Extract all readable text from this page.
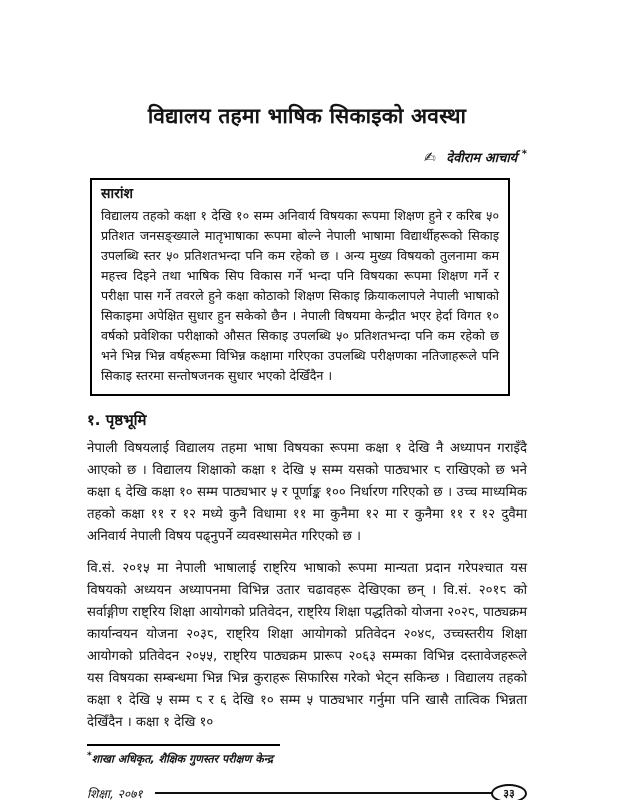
विद्यालय तहमा भाषिक सिकाइको अवस्था
✍ देवीराम आचार्य *
सारांश

विद्यालय तहको कक्षा १ देखि १० सम्म अनिवार्य विषयका रूपमा शिक्षण हुने र करिब ५० प्रतिशत जनसङ्ख्याले मातृभाषाका रूपमा बोल्ने नेपाली भाषामा विद्यार्थीहरूको सिकाइ उपलब्धि स्तर ५० प्रतिशतभन्दा पनि कम रहेको छ । अन्य मुख्य विषयको तुलनामा कम महत्त्व दिइने तथा भाषिक सिप विकास गर्ने भन्दा पनि विषयका रूपमा शिक्षण गर्ने र परीक्षा पास गर्ने तवरले हुने कक्षा कोठाको शिक्षण सिकाइ क्रियाकलापले नेपाली भाषाको सिकाइमा अपेक्षित सुधार हुन सकेको छैन । नेपाली विषयमा केन्द्रीत भएर हेर्दा विगत १० वर्षको प्रवेशिका परीक्षाको औसत सिकाइ उपलब्धि ५० प्रतिशतभन्दा पनि कम रहेको छ भने भिन्न भिन्न वर्षहरूमा विभिन्न कक्षामा गरिएका उपलब्धि परीक्षणका नतिजाहरूले पनि सिकाइ स्तरमा सन्तोषजनक सुधार भएको देखिँदैन ।

१. पृष्ठभूमि

नेपाली विषयलाई विद्यालय तहमा भाषा विषयका रूपमा कक्षा १ देखि नै अध्यापन गराइँदै आएको छ । विद्यालय शिक्षाको कक्षा १ देखि ५ सम्म यसको पाठ्यभार ८ राखिएको छ भने कक्षा ६ देखि कक्षा १० सम्म पाठ्यभार ५ र पूर्णाङ्क १०० निर्धारण गरिएको छ । उच्च माध्यमिक तहको कक्षा ११ र १२ मध्ये कुनै विधामा ११ मा कुनैमा १२ मा र कुनैमा ११ र १२ दुवैमा अनिवार्य नेपाली विषय पढ्नुपर्ने व्यवस्थासमेत गरिएको छ ।

वि.सं. २०१५ मा नेपाली भाषालाई राष्ट्रिय भाषाको रूपमा मान्यता प्रदान गरेपश्चात यस विषयको अध्ययन अध्यापनमा विभिन्न उतार चढावहरू देखिएका छन् । वि.सं. २०१८ को सर्वाङ्गीण राष्ट्रिय शिक्षा आयोगको प्रतिवेदन, राष्ट्रिय शिक्षा पद्धतिको योजना २०२८, पाठ्यक्रम कार्यान्वयन योजना २०३८, राष्ट्रिय शिक्षा आयोगको प्रतिवेदन २०४९, उच्चस्तरीय शिक्षा आयोगको प्रतिवेदन २०५५, राष्ट्रिय पाठ्यक्रम प्रारूप २०६३ सम्मका विभिन्न दस्तावेजहरूले यस विषयका सम्बन्धमा भिन्न भिन्न कुराहरू सिफारिस गरेको भेट्न सकिन्छ । विद्यालय तहको कक्षा १ देखि ५ सम्म ८ र ६ देखि १० सम्म ५ पाठ्यभार गर्नुमा पनि खासै तात्विक भिन्नता देखिँदैन । कक्षा १ देखि १०

*शाखा अधिकृत, शैक्षिक गुणस्तर परीक्षण केन्द्र
शिक्षा, २०७१	३३
